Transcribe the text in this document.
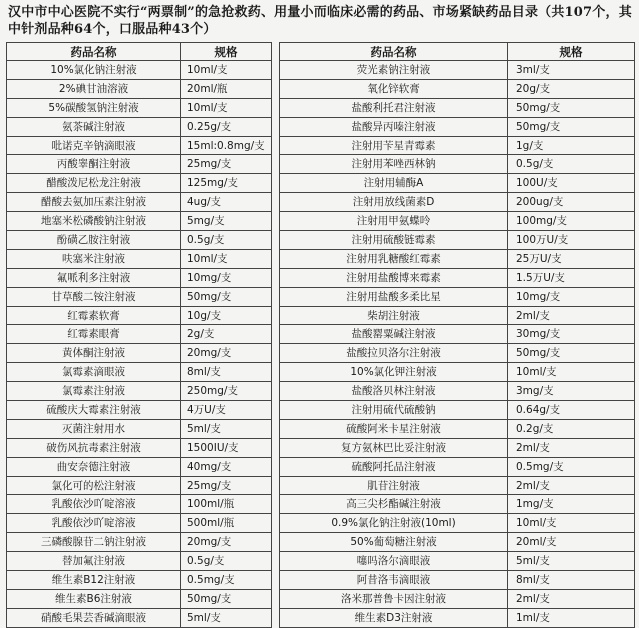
汉中市中心医院不实行“两票制”的急抢救药、用量小而临床必需的药品、市场紧缺药品目录（共107个，其中针剂品种64个，口服品种43个）
药品名称	规格		药品名称	规格
10%氯化钠注射液	10ml/支		荧光素钠注射液	3ml/支
2%碘甘油溶液	20ml/瓶		氧化锌软膏	20g/支
5%碳酸氢钠注射液	10ml/支		盐酸利托君注射液	50mg/支
氨茶碱注射液	0.25g/支		盐酸异丙嗪注射液	50mg/支
吡诺克辛钠滴眼液	15ml:0.8mg/支		注射用苄星青霉素	1g/支
丙酸睾酮注射液	25mg/支		注射用苯唑西林钠	0.5g/支
醋酸泼尼松龙注射液	125mg/支		注射用辅酶A	100U/支
醋酸去氨加压素注射液	4ug/支		注射用放线菌素D	200ug/支
地塞米松磷酸钠注射液	5mg/支		注射用甲氨蝶呤	100mg/支
酚磺乙胺注射液	0.5g/支		注射用硫酸链霉素	100万U/支
呋塞米注射液	10ml/支		注射用乳糖酸红霉素	25万U/支
氟哌利多注射液	10mg/支		注射用盐酸博来霉素	1.5万U/支
甘草酸二铵注射液	50mg/支		注射用盐酸多柔比星	10mg/支
红霉素软膏	10g/支		柴胡注射液	2ml/支
红霉素眼膏	2g/支		盐酸罂粟碱注射液	30mg/支
黄体酮注射液	20mg/支		盐酸拉贝洛尔注射液	50mg/支
氯霉素滴眼液	8ml/支		10%氯化钾注射液	10ml/支
氯霉素注射液	250mg/支		盐酸洛贝林注射液	3mg/支
硫酸庆大霉素注射液	4万U/支		注射用硫代硫酸钠	0.64g/支
灭菌注射用水	5ml/支		硫酸阿米卡星注射液	0.2g/支
破伤风抗毒素注射液	1500IU/支		复方氨林巴比妥注射液	2ml/支
曲安奈德注射液	40mg/支		硫酸阿托品注射液	0.5mg/支
氯化可的松注射液	25mg/支		肌苷注射液	2ml/支
乳酸依沙吖啶溶液	100ml/瓶		高三尖杉酯碱注射液	1mg/支
乳酸依沙吖啶溶液	500ml/瓶		0.9%氯化钠注射液(10ml)	10ml/支
三磷酸腺苷二钠注射液	20mg/支		50%葡萄糖注射液	20ml/支
替加氟注射液	0.5g/支		噻吗洛尔滴眼液	5ml/支
维生素B12注射液	0.5mg/支		阿昔洛韦滴眼液	8ml/支
维生素B6注射液	50mg/支		洛米那普鲁卡因注射液	2ml/支
硝酸毛果芸香碱滴眼液	5ml/支		维生素D3注射液	1ml/支
